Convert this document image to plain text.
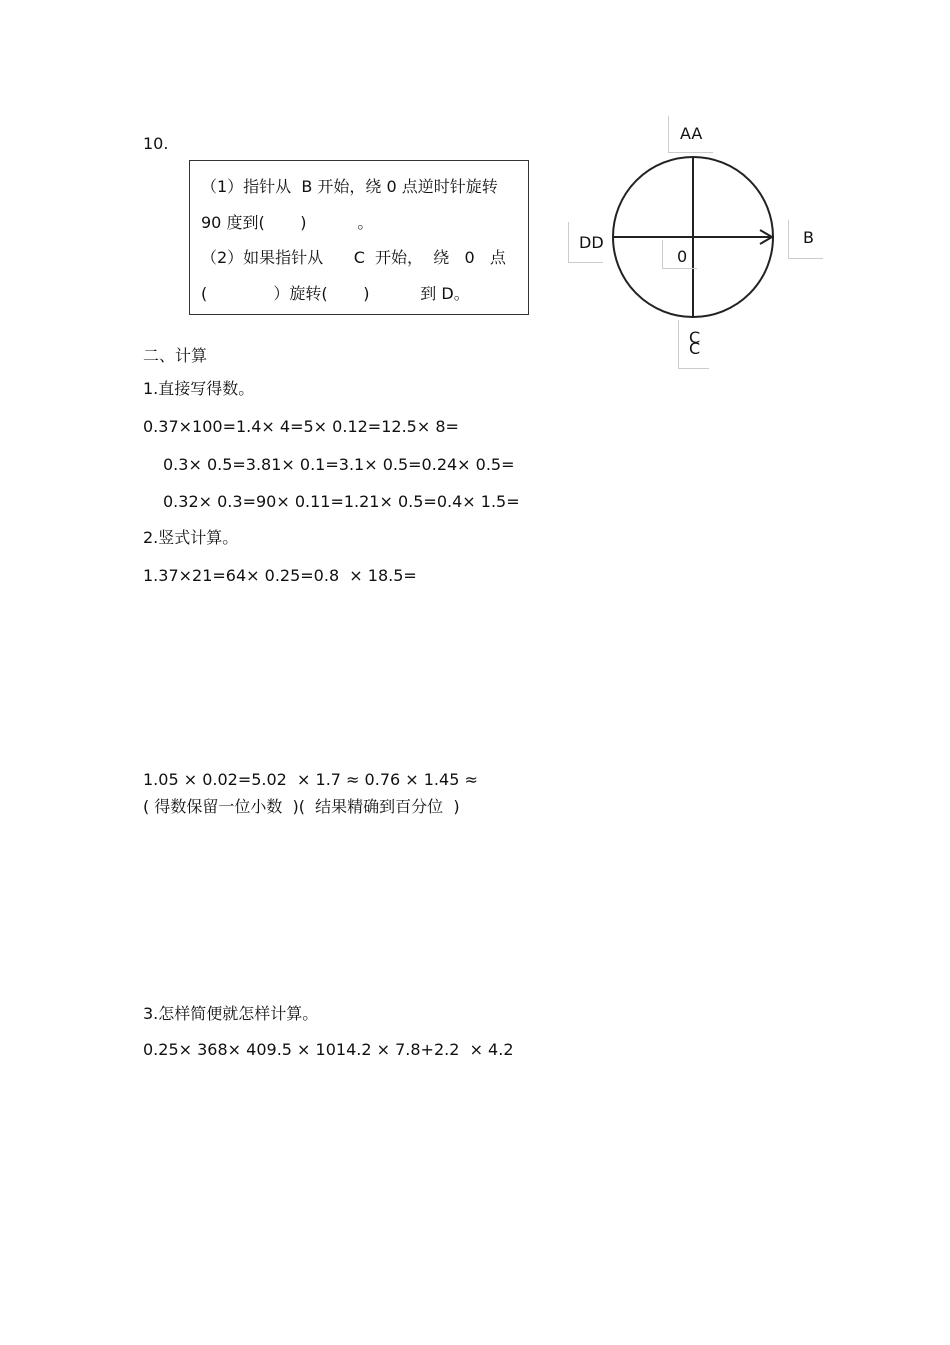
10.
（1）指针从  B 开始，绕 0 点逆时针旋转
90 度到(       )          。
（2）如果指针从      C  开始，  绕   0   点
(             ）旋转(       )          到 D。
AA
B
CC
DD
0
二、计算
1.直接写得数。
0.37×100=1.4× 4=5× 0.12=12.5× 8=
0.3× 0.5=3.81× 0.1=3.1× 0.5=0.24× 0.5=
0.32× 0.3=90× 0.11=1.21× 0.5=0.4× 1.5=
2.竖式计算。
1.37×21=64× 0.25=0.8  × 18.5=
1.05 × 0.02=5.02  × 1.7 ≈ 0.76 × 1.45 ≈
( 得数保留一位小数  )(  结果精确到百分位  )
3.怎样简便就怎样计算。
0.25× 368× 409.5 × 1014.2 × 7.8+2.2  × 4.2
